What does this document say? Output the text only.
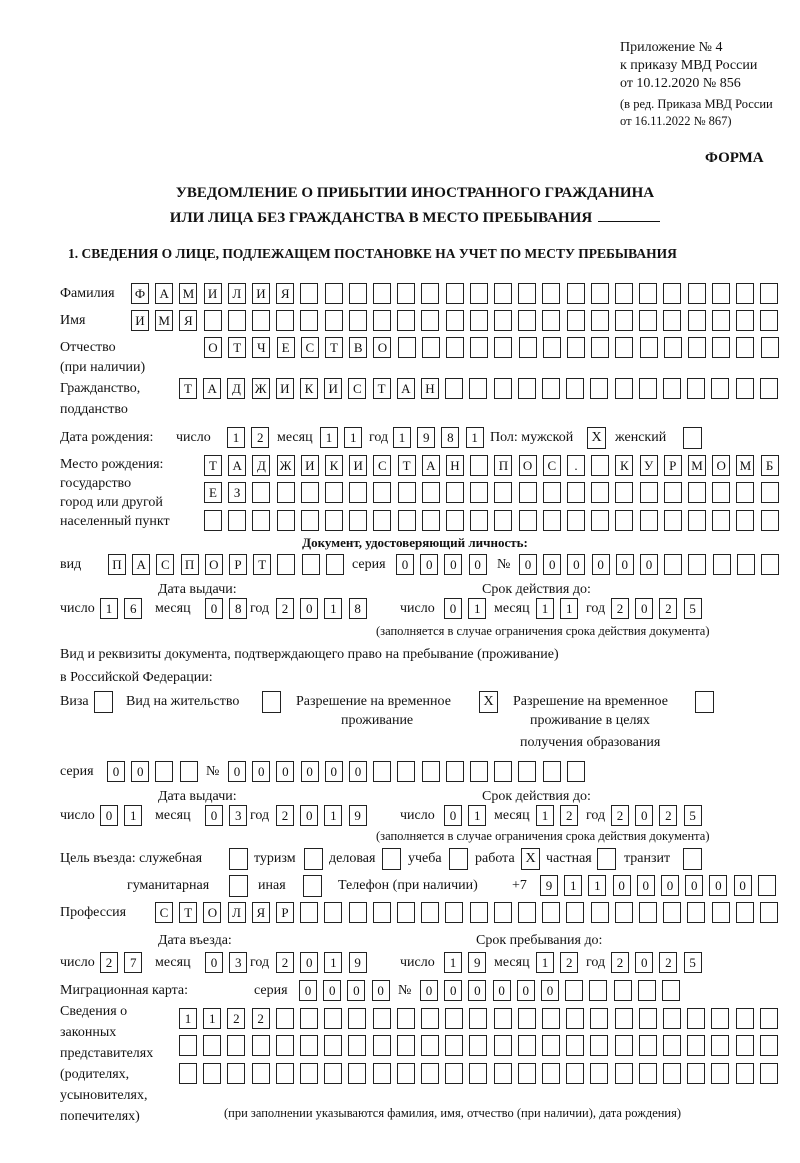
Приложение № 4
к приказу МВД России
от 10.12.2020 № 856
(в ред. Приказа МВД России
от 16.11.2022 № 867)
ФОРМА
УВЕДОМЛЕНИЕ О ПРИБЫТИИ ИНОСТРАННОГО ГРАЖДАНИНА
ИЛИ ЛИЦА БЕЗ ГРАЖДАНСТВА В МЕСТО ПРЕБЫВАНИЯ
1. СВЕДЕНИЯ О ЛИЦЕ, ПОДЛЕЖАЩЕМ ПОСТАНОВКЕ НА УЧЕТ ПО МЕСТУ ПРЕБЫВАНИЯ
Фамилия Ф	А	М	И	Л	И	Я
Имя	И	М	Я
Отчество
(при наличии)
О	Т	Ч	Е	С	Т	В	О
Гражданство,
подданство
Т	А	Д	Ж	И	К	И	С	Т	А	Н
Дата рождения: число	1	2 месяц	1	1 год 1	9	8	1 Пол: мужской	X женский
Место рождения:
государство
город или другой
населенный пункт
Т	А	Д	Ж	И	К	И	С	Т	А	Н	П	О	С	.	К	У	Р	М	О	М	Б
Е	З
Документ, удостоверяющий личность:
вид	П	А	С	П	О	Р	Т	серия	0	0	0	0	№	0	0	0	0	0	0
Дата выдачи:	Срок действия до:
число 1	6	месяц	0	8 год 2	0	1	8	число	0	1 месяц 1	1 год 2	0	2	5
(заполняется в случае ограничения срока действия документа)
Вид и реквизиты документа, подтверждающего право на пребывание (проживание)
в Российской Федерации:
Виза	Вид на жительство	Разрешение на временное
проживание
X	Разрешение на временное
проживание в целях
получения образования
серия	0	0	№	0	0	0	0	0	0
Дата выдачи:	Срок действия до:
число 0	1	месяц	0	3 год 2	0	1	9	число	0	1 месяц 1	2 год 2	0	2	5
(заполняется в случае ограничения срока действия документа)
Цель въезда: служебная	туризм деловая учеба работа X частная транзит
гуманитарная	иная	Телефон (при наличии) +7	9	1	1	0	0	0	0	0	0
Профессия	С	Т	О	Л	Я	Р
Дата въезда:	Срок пребывания до:
число 2	7	месяц	0	3 год 2	0	1	9	число	1	9 месяц 1	2 год 2	0	2	5
Миграционная карта:	серия	0	0	0	0	№	0	0	0	0	0	0
Сведения о
законных
представителях
(родителях,
усыновителях,
попечителях)
1	1	2	2
(при заполнении указываются фамилия, имя, отчество (при наличии), дата рождения)
